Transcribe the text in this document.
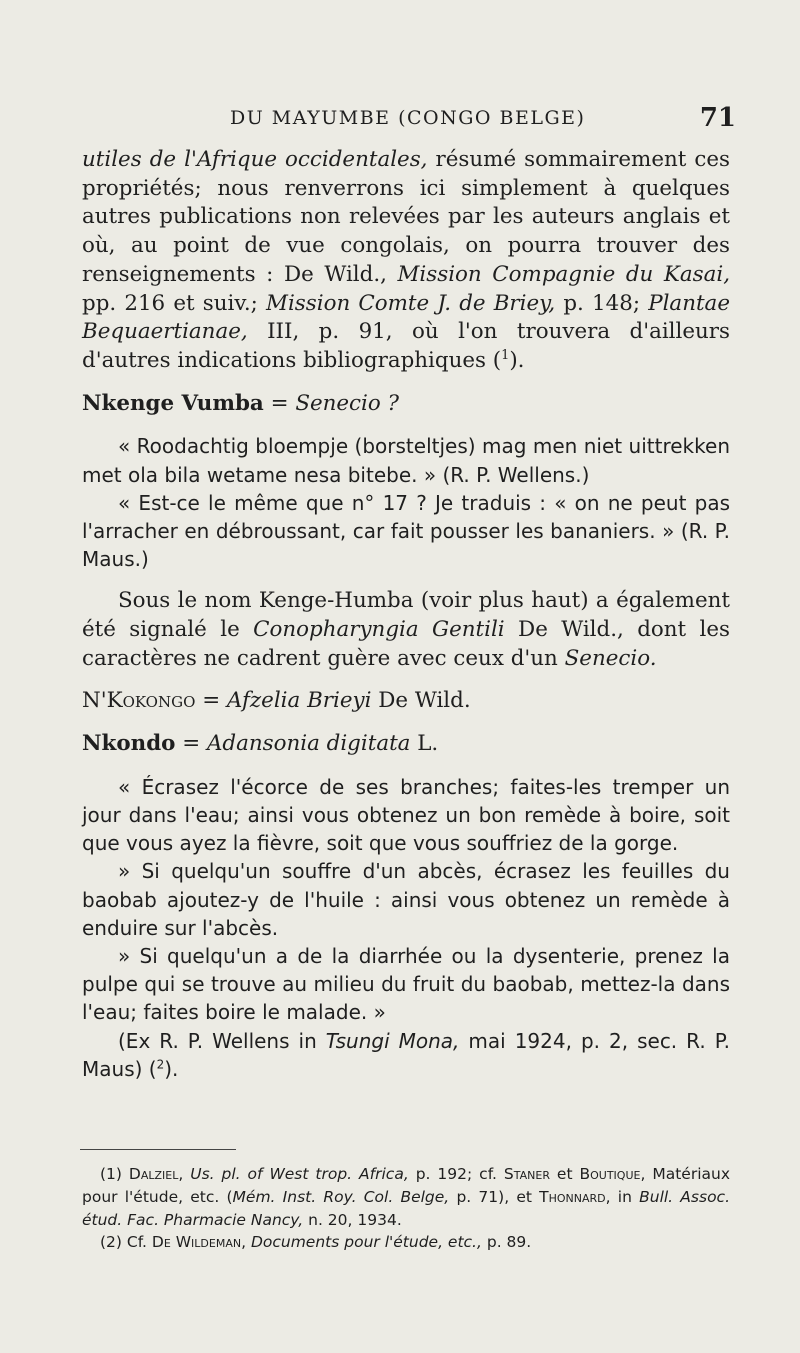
DU MAYUMBE (CONGO BELGE)	71

utiles de l'Afrique occidentales, résumé sommairement ces propriétés; nous renverrons ici simplement à quelques autres publications non relevées par les auteurs anglais et où, au point de vue congolais, on pourra trouver des renseignements : De Wild., Mission Compagnie du Kasai, pp. 216 et suiv.; Mission Comte J. de Briey, p. 148; Plantae Bequaertianae, III, p. 91, où l'on trouvera d'ailleurs d'autres indications bibliographiques ($^1$).

Nkenge Vumba = Senecio ?

« Roodachtig bloempje (borsteltjes) mag men niet uittrekken met ola bila wetame nesa bitebe. » (R. P. Wellens.)

« Est-ce le même que n° 17 ? Je traduis : « on ne peut pas l'arracher en débroussant, car fait pousser les bananiers. » (R. P. Maus.)

Sous le nom Kenge-Humba (voir plus haut) a également été signalé le Conopharyngia Gentili De Wild., dont les caractères ne cadrent guère avec ceux d'un Senecio.

N'Kokongo = Afzelia Brieyi De Wild.

Nkondo = Adansonia digitata L.

« Écrasez l'écorce de ses branches; faites-les tremper un jour dans l'eau; ainsi vous obtenez un bon remède à boire, soit que vous ayez la fièvre, soit que vous souffriez de la gorge.

» Si quelqu'un souffre d'un abcès, écrasez les feuilles du baobab ajoutez-y de l'huile : ainsi vous obtenez un remède à enduire sur l'abcès.

» Si quelqu'un a de la diarrhée ou la dysenterie, prenez la pulpe qui se trouve au milieu du fruit du baobab, mettez-la dans l'eau; faites boire le malade. »

(Ex R. P. Wellens in Tsungi Mona, mai 1924, p. 2, sec. R. P. Maus) ($^2$).

(1) Dalziel, Us. pl. of West trop. Africa, p. 192; cf. Staner et Boutique, Matériaux pour l'étude, etc. (Mém. Inst. Roy. Col. Belge, p. 71), et Thonnard, in Bull. Assoc. étud. Fac. Pharmacie Nancy, n. 20, 1934.

(2) Cf. De Wildeman, Documents pour l'étude, etc., p. 89.
